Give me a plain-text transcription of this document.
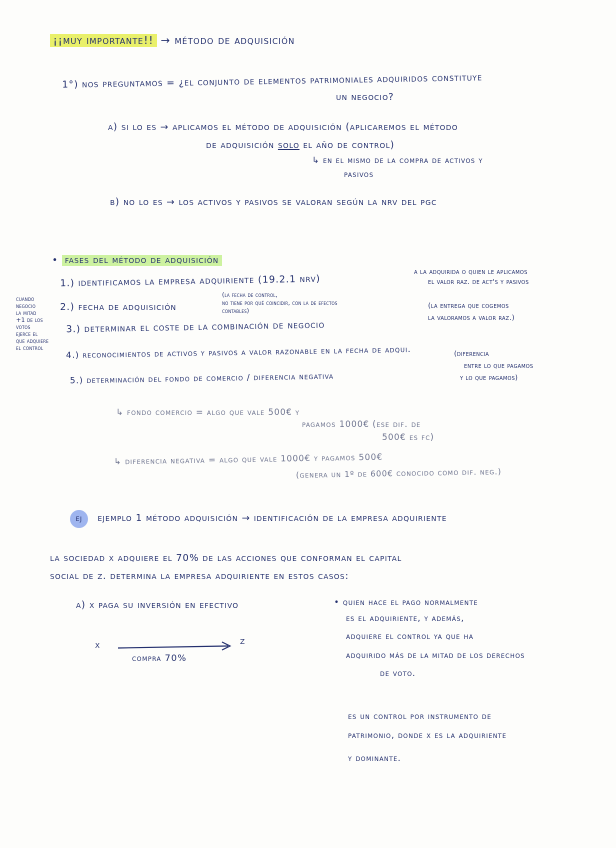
¡¡muy importante!! → método de adquisición
1°) nos preguntamos = ¿el conjunto de elementos patrimoniales adquiridos constituye
un negocio?
a) si lo es → aplicamos el método de adquisición (aplicaremos el método
de adquisición solo el año de control)
↳ en el mismo de la compra de activos y
pasivos
b) no lo es → los activos y pasivos se valoran según la nrv del pgc
• fases del método de adquisición
1.) identificamos la empresa adquiriente (19.2.1 nrv)
a la adquirida o quien le aplicamos
el valor raz. de act's y pasivos
2.) fecha de adquisición
(la fecha de control,
no tiene por qué coincidir, con la de efectos
contables)
3.) determinar el coste de la combinación de negocio
(la entrega que cogemos
la valoramos a valor raz.)
4.) reconocimientos de activos y pasivos a valor razonable en la fecha de adqui.
5.) determinación del fondo de comercio / diferencia negativa
(diferencia
entre lo que pagamos
y lo que pagamos)
cuando
negocio
la mitad
+1 de los
votos
ejerce el
que adquiere
el control
↳ fondo comercio = algo que vale 500€ y
pagamos 1000€ (ese dif. de
500€ es fc)
↳ diferencia negativa = algo que vale 1000€ y pagamos 500€
(genera un 1º de 600€ conocido como dif. neg.)
ej ejemplo 1 método adquisición → identificación de la empresa adquiriente
la sociedad x adquiere el 70% de las acciones que conforman el capital
social de z. determina la empresa adquiriente en estos casos:
a) x paga su inversión en efectivo
x	z
compra 70%
• quien hace el pago normalmente
es el adquiriente, y además,
adquiere el control ya que ha
adquirido más de la mitad de los derechos
de voto.
es un control por instrumento de
patrimonio, donde x es la adquiriente
y dominante.
